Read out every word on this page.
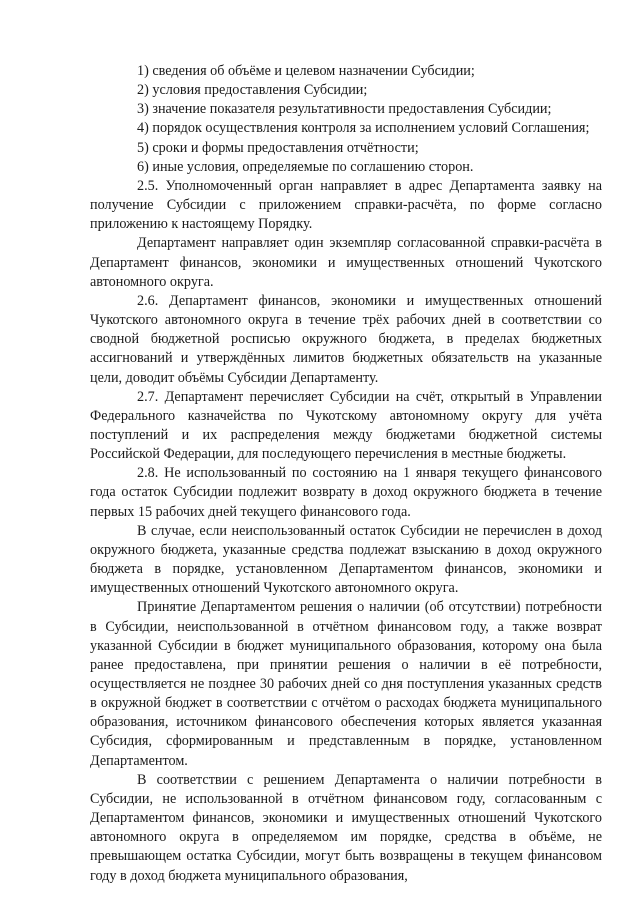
1) сведения об объёме и целевом назначении Субсидии;

2) условия предоставления Субсидии;

3) значение показателя результативности предоставления Субсидии;

4) порядок осуществления контроля за исполнением условий Соглашения;

5) сроки и формы предоставления отчётности;

6) иные условия, определяемые по соглашению сторон.

2.5. Уполномоченный орган направляет в адрес Департамента заявку на получение Субсидии с приложением справки-расчёта, по форме согласно приложению к настоящему Порядку.

Департамент направляет один экземпляр согласованной справки-расчёта в Департамент финансов, экономики и имущественных отношений Чукотского автономного округа.

2.6. Департамент финансов, экономики и имущественных отношений Чукотского автономного округа в течение трёх рабочих дней в соответствии со сводной бюджетной росписью окружного бюджета, в пределах бюджетных ассигнований и утверждённых лимитов бюджетных обязательств на указанные цели, доводит объёмы Субсидии Департаменту.

2.7. Департамент перечисляет Субсидии на счёт, открытый в Управлении Федерального казначейства по Чукотскому автономному округу для учёта поступлений и их распределения между бюджетами бюджетной системы Российской Федерации, для последующего перечисления в местные бюджеты.

2.8. Не использованный по состоянию на 1 января текущего финансового года остаток Субсидии подлежит возврату в доход окружного бюджета в течение первых 15 рабочих дней текущего финансового года.

В случае, если неиспользованный остаток Субсидии не перечислен в доход окружного бюджета, указанные средства подлежат взысканию в доход окружного бюджета в порядке, установленном Департаментом финансов, экономики и имущественных отношений Чукотского автономного округа.

Принятие Департаментом решения о наличии (об отсутствии) потребности в Субсидии, неиспользованной в отчётном финансовом году, а также возврат указанной Субсидии в бюджет муниципального образования, которому она была ранее предоставлена, при принятии решения о наличии в её потребности, осуществляется не позднее 30 рабочих дней со дня поступления указанных средств в окружной бюджет в соответствии с отчётом о расходах бюджета муниципального образования, источником финансового обеспечения которых является указанная Субсидия, сформированным и представленным в порядке, установленном Департаментом.

В соответствии с решением Департамента о наличии потребности в Субсидии, не использованной в отчётном финансовом году, согласованным с Департаментом финансов, экономики и имущественных отношений Чукотского автономного округа в определяемом им порядке, средства в объёме, не превышающем остатка Субсидии, могут быть возвращены в текущем финансовом году в доход бюджета муниципального образования,
